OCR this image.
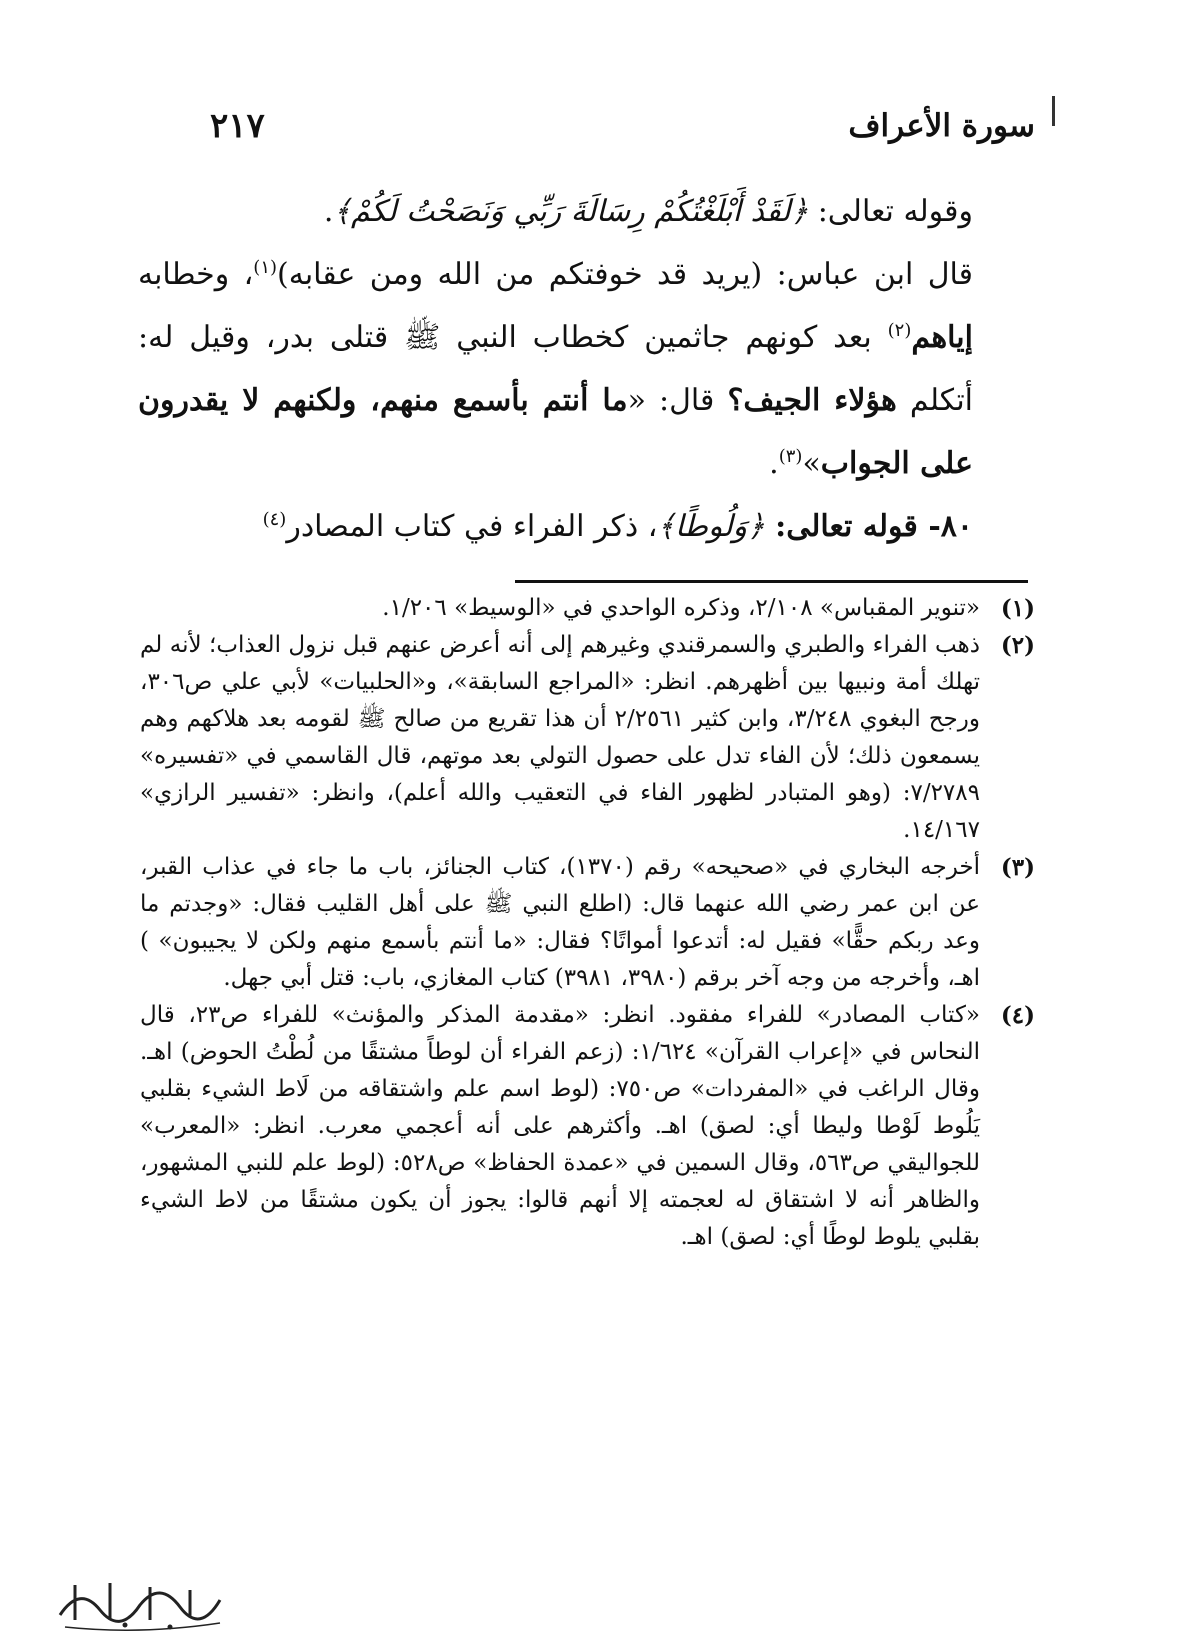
سورة الأعراف
٢١٧

وقوله تعالى: ﴿لَقَدْ أَبْلَغْتُكُمْ رِسَالَةَ رَبِّي وَنَصَحْتُ لَكُمْ﴾.

قال ابن عباس: (يريد قد خوفتكم من الله ومن عقابه)$^{(١)}$، وخطابه إياهم$^{(٢)}$ بعد كونهم جاثمين كخطاب النبي ﷺ قتلى بدر، وقيل له: أتكلم هؤلاء الجيف؟ قال: «ما أنتم بأسمع منهم، ولكنهم لا يقدرون على الجواب»$^{(٣)}$.

٨٠- قوله تعالى: ﴿وَلُوطًا﴾، ذكر الفراء في كتاب المصادر$^{(٤)}$

(١)
«تنوير المقباس» ٢/١٠٨، وذكره الواحدي في «الوسيط» ١/٢٠٦.
(٢)
ذهب الفراء والطبري والسمرقندي وغيرهم إلى أنه أعرض عنهم قبل نزول العذاب؛ لأنه لم تهلك أمة ونبيها بين أظهرهم. انظر: «المراجع السابقة»، و«الحلبيات» لأبي علي ص٣٠٦، ورجح البغوي ٣/٢٤٨، وابن كثير ٢/٢٥٦١ أن هذا تقريع من صالح ﷺ لقومه بعد هلاكهم وهم يسمعون ذلك؛ لأن الفاء تدل على حصول التولي بعد موتهم، قال القاسمي في «تفسيره» ٧/٢٧٨٩: (وهو المتبادر لظهور الفاء في التعقيب والله أعلم)، وانظر: «تفسير الرازي» ١٤/١٦٧.
(٣)
أخرجه البخاري في «صحيحه» رقم (١٣٧٠)، كتاب الجنائز، باب ما جاء في عذاب القبر، عن ابن عمر رضي الله عنهما قال: (اطلع النبي ﷺ على أهل القليب فقال: «وجدتم ما وعد ربكم حقًّا» فقيل له: أتدعوا أمواتًا؟ فقال: «ما أنتم بأسمع منهم ولكن لا يجيبون» ) اهـ، وأخرجه من وجه آخر برقم (٣٩٨٠، ٣٩٨١) كتاب المغازي، باب: قتل أبي جهل.
(٤)
«كتاب المصادر» للفراء مفقود. انظر: «مقدمة المذكر والمؤنث» للفراء ص٢٣، قال النحاس في «إعراب القرآن» ١/٦٢٤: (زعم الفراء أن لوطاً مشتقًا من لُطْتُ الحوض) اهـ. وقال الراغب في «المفردات» ص٧٥٠: (لوط اسم علم واشتقاقه من لَاط الشيء بقلبي يَلُوط لَوْطا وليطا أي: لصق) اهـ. وأكثرهم على أنه أعجمي معرب. انظر: «المعرب» للجواليقي ص٥٦٣، وقال السمين في «عمدة الحفاظ» ص٥٢٨: (لوط علم للنبي المشهور، والظاهر أنه لا اشتقاق له لعجمته إلا أنهم قالوا: يجوز أن يكون مشتقًا من لاط الشيء بقلبي يلوط لوطًا أي: لصق) اهـ.
